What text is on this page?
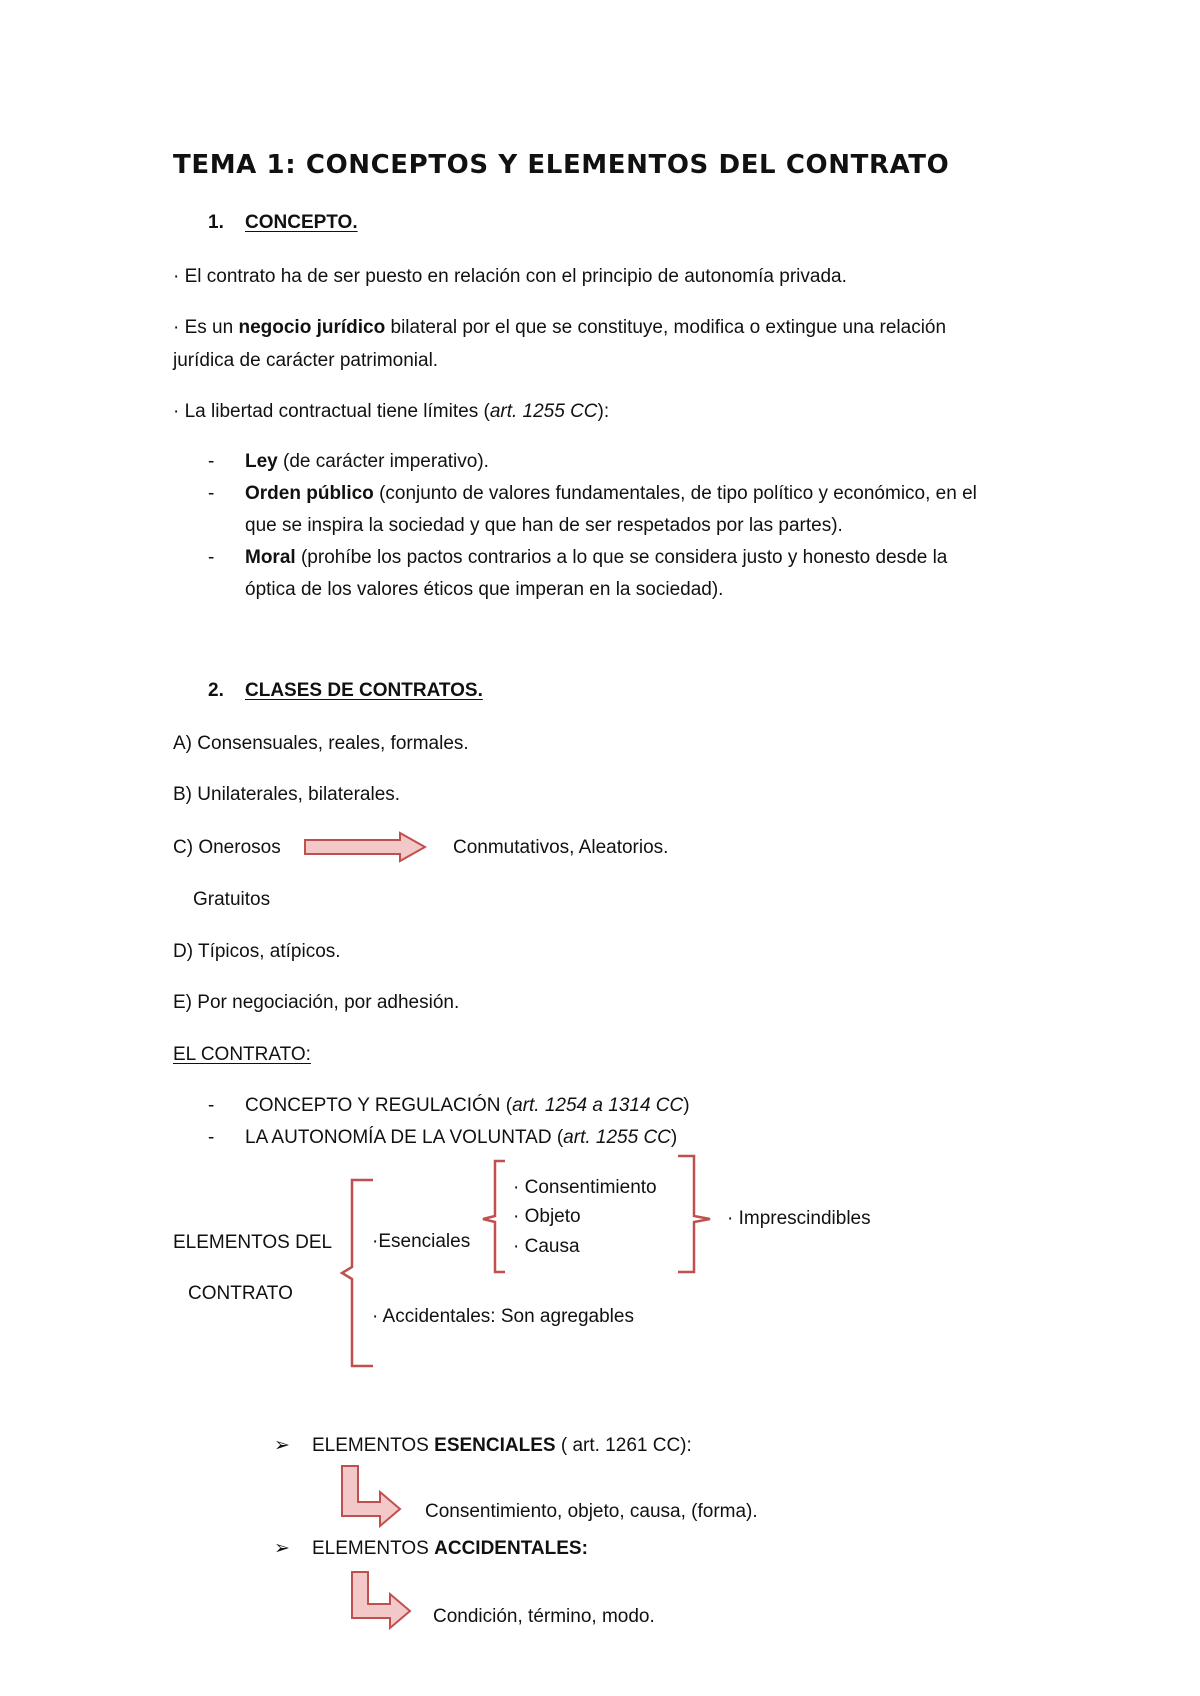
TEMA 1: CONCEPTOS Y ELEMENTOS DEL CONTRATO
1. CONCEPTO.
· El contrato ha de ser puesto en relación con el principio de autonomía privada.
· Es un negocio jurídico bilateral por el que se constituye, modifica o extingue una relación
jurídica de carácter patrimonial.
· La libertad contractual tiene límites (art. 1255 CC):
- Ley (de carácter imperativo).
- Orden público (conjunto de valores fundamentales, de tipo político y económico, en el
que se inspira la sociedad y que han de ser respetados por las partes).
- Moral (prohíbe los pactos contrarios a lo que se considera justo y honesto desde la
óptica de los valores éticos que imperan en la sociedad).
2. CLASES DE CONTRATOS.
A) Consensuales, reales, formales.
B) Unilaterales, bilaterales.
C) Onerosos	Conmutativos, Aleatorios.
Gratuitos
D) Típicos, atípicos.
E) Por negociación, por adhesión.
EL CONTRATO:
- CONCEPTO Y REGULACIÓN (art. 1254 a 1314 CC)
- LA AUTONOMÍA DE LA VOLUNTAD (art. 1255 CC)
ELEMENTOS DEL
CONTRATO
·Esenciales
· Consentimiento
· Objeto
· Causa
· Imprescindibles
· Accidentales: Son agregables
➢ ELEMENTOS ESENCIALES ( art. 1261 CC):
Consentimiento, objeto, causa, (forma).
➢ ELEMENTOS ACCIDENTALES:
Condición, término, modo.
